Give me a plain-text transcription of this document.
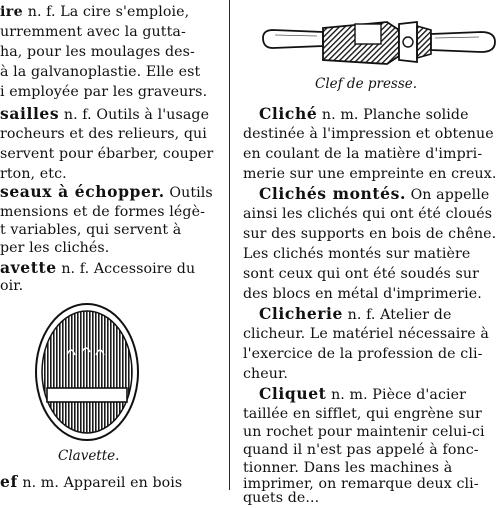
ire n. f. La cire s'emploie,
urremment avec la gutta-
ha, pour les moulages des-
à la galvanoplastie. Elle est
i employée par les graveurs.
sailles n. f. Outils à l'usage
rocheurs et des relieurs, qui
servent pour ébarber, couper
rton, etc.
seaux à échopper. Outils
mensions et de formes légè-
t variables, qui servent à
per les clichés.
avette n. f. Accessoire du
oir.
Clavette.
ef n. m. Appareil en bois
Clef de presse.
Cliché n. m. Planche solide
destinée à l'impression et obtenue
en coulant de la matière d'impri-
merie sur une empreinte en creux.
Clichés montés. On appelle
ainsi les clichés qui ont été cloués
sur des supports en bois de chêne.
Les clichés montés sur matière
sont ceux qui ont été soudés sur
des blocs en métal d'imprimerie.
Clicherie n. f. Atelier de
clicheur. Le matériel nécessaire à
l'exercice de la profession de cli-
cheur.
Cliquet n. m. Pièce d'acier
taillée en sifflet, qui engrène sur
un rochet pour maintenir celui-ci
quand il n'est pas appelé à fonc-
tionner. Dans les machines à
imprimer, on remarque deux cli-
quets de...
